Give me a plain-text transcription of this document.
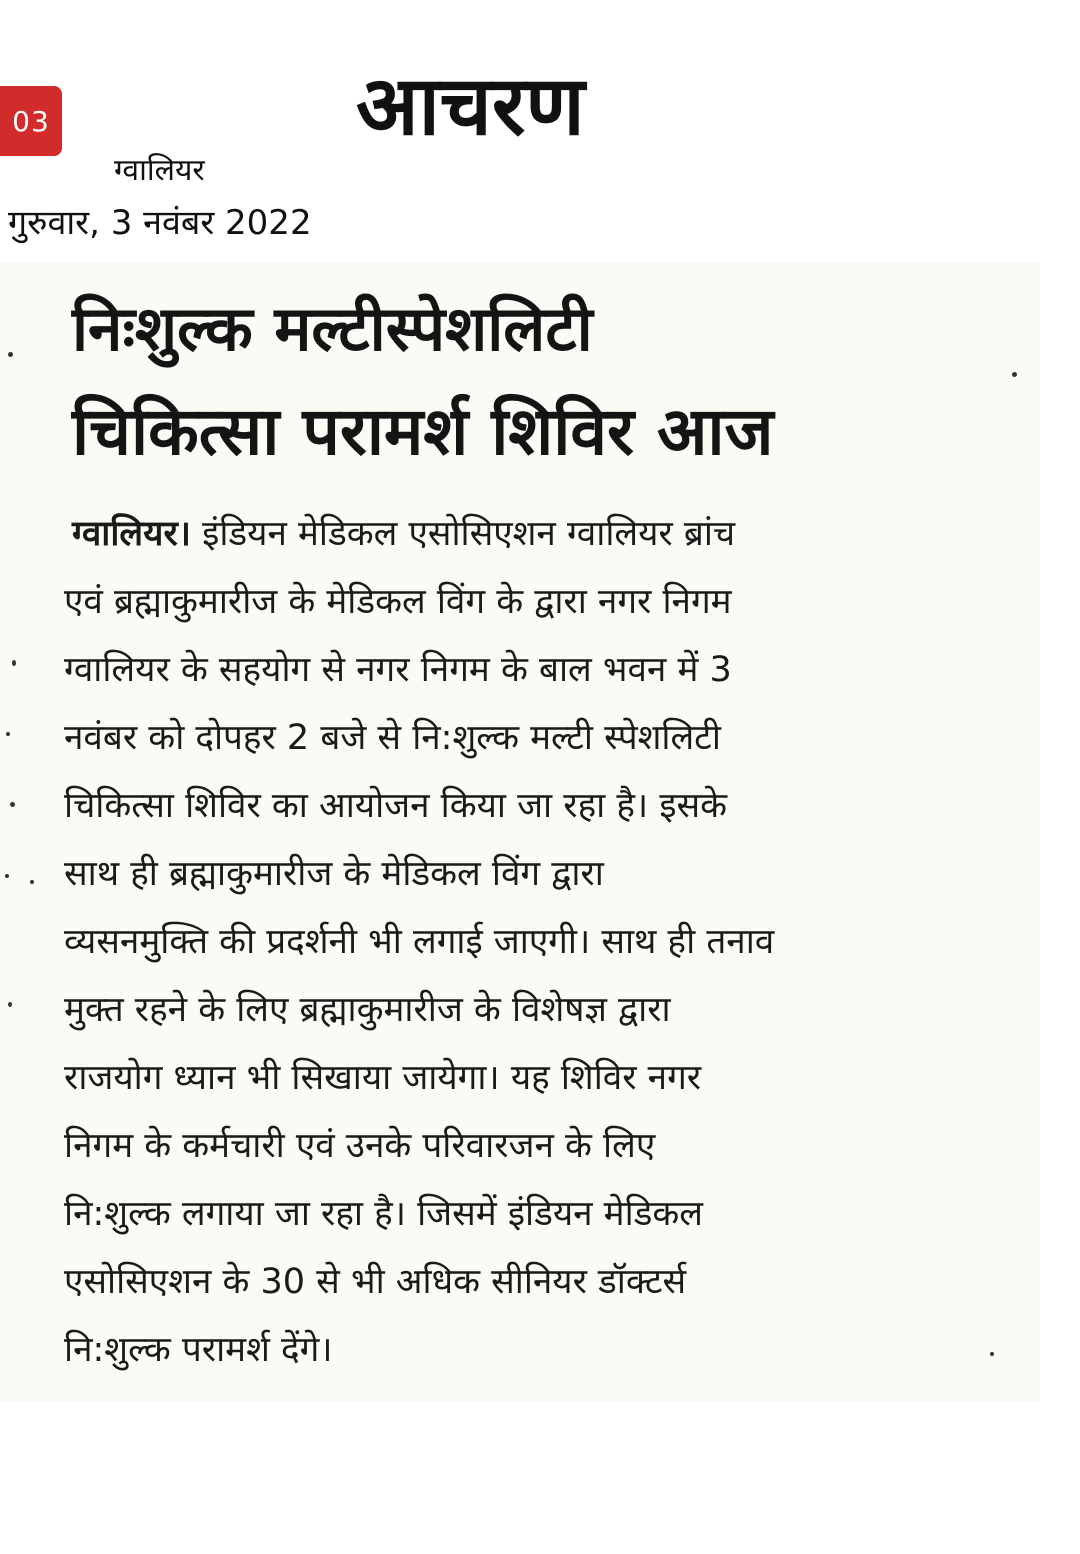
03	आचरण
ग्वालियर
गुरुवार, 3 नवंबर 2022
निःशुल्क मल्टीस्पेशलिटी
चिकित्सा परामर्श शिविर आज
ग्वालियर। इंडियन मेडिकल एसोसिएशन ग्वालियर ब्रांच
एवं ब्रह्माकुमारीज के मेडिकल विंग के द्वारा नगर निगम
ग्वालियर के सहयोग से नगर निगम के बाल भवन में 3
नवंबर को दोपहर 2 बजे से नि:शुल्क मल्टी स्पेशलिटी
चिकित्सा शिविर का आयोजन किया जा रहा है। इसके
साथ ही ब्रह्माकुमारीज के मेडिकल विंग द्वारा
व्यसनमुक्ति की प्रदर्शनी भी लगाई जाएगी। साथ ही तनाव
मुक्त रहने के लिए ब्रह्माकुमारीज के विशेषज्ञ द्वारा
राजयोग ध्यान भी सिखाया जायेगा। यह शिविर नगर
निगम के कर्मचारी एवं उनके परिवारजन के लिए
नि:शुल्क लगाया जा रहा है। जिसमें इंडियन मेडिकल
एसोसिएशन के 30 से भी अधिक सीनियर डॉक्टर्स
नि:शुल्क परामर्श देंगे।
